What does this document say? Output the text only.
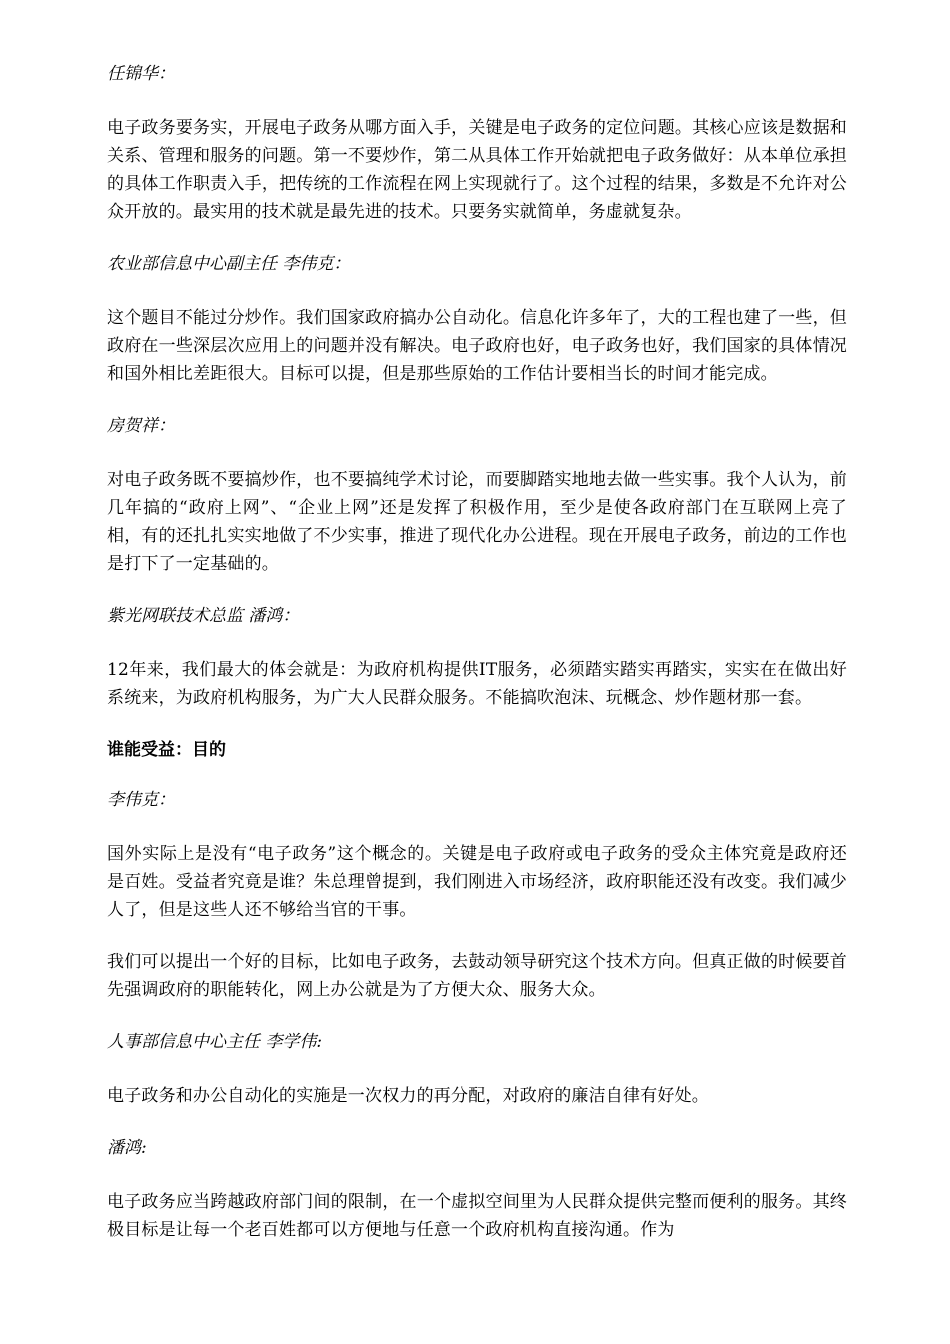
任锦华：
电子政务要务实，开展电子政务从哪方面入手，关键是电子政务的定位问题。其核心应该是数据和关系、管理和服务的问题。第一不要炒作，第二从具体工作开始就把电子政务做好：从本单位承担的具体工作职责入手，把传统的工作流程在网上实现就行了。这个过程的结果，多数是不允许对公众开放的。最实用的技术就是最先进的技术。只要务实就简单，务虚就复杂。
农业部信息中心副主任 李伟克：
这个题目不能过分炒作。我们国家政府搞办公自动化。信息化许多年了，大的工程也建了一些，但政府在一些深层次应用上的问题并没有解决。电子政府也好，电子政务也好，我们国家的具体情况和国外相比差距很大。目标可以提，但是那些原始的工作估计要相当长的时间才能完成。
房贺祥：
对电子政务既不要搞炒作，也不要搞纯学术讨论，而要脚踏实地地去做一些实事。我个人认为，前几年搞的“政府上网”、“企业上网”还是发挥了积极作用，至少是使各政府部门在互联网上亮了相，有的还扎扎实实地做了不少实事，推进了现代化办公进程。现在开展电子政务，前边的工作也是打下了一定基础的。
紫光网联技术总监 潘鸿：
12年来，我们最大的体会就是：为政府机构提供IT服务，必须踏实踏实再踏实，实实在在做出好系统来，为政府机构服务，为广大人民群众服务。不能搞吹泡沫、玩概念、炒作题材那一套。
谁能受益：目的
李伟克：
国外实际上是没有“电子政务”这个概念的。关键是电子政府或电子政务的受众主体究竟是政府还是百姓。受益者究竟是谁？朱总理曾提到，我们刚进入市场经济，政府职能还没有改变。我们减少人了，但是这些人还不够给当官的干事。
我们可以提出一个好的目标，比如电子政务，去鼓动领导研究这个技术方向。但真正做的时候要首先强调政府的职能转化，网上办公就是为了方便大众、服务大众。
人事部信息中心主任 李学伟:
电子政务和办公自动化的实施是一次权力的再分配，对政府的廉洁自律有好处。
潘鸿:
电子政务应当跨越政府部门间的限制，在一个虚拟空间里为人民群众提供完整而便利的服务。其终极目标是让每一个老百姓都可以方便地与任意一个政府机构直接沟通。作为
